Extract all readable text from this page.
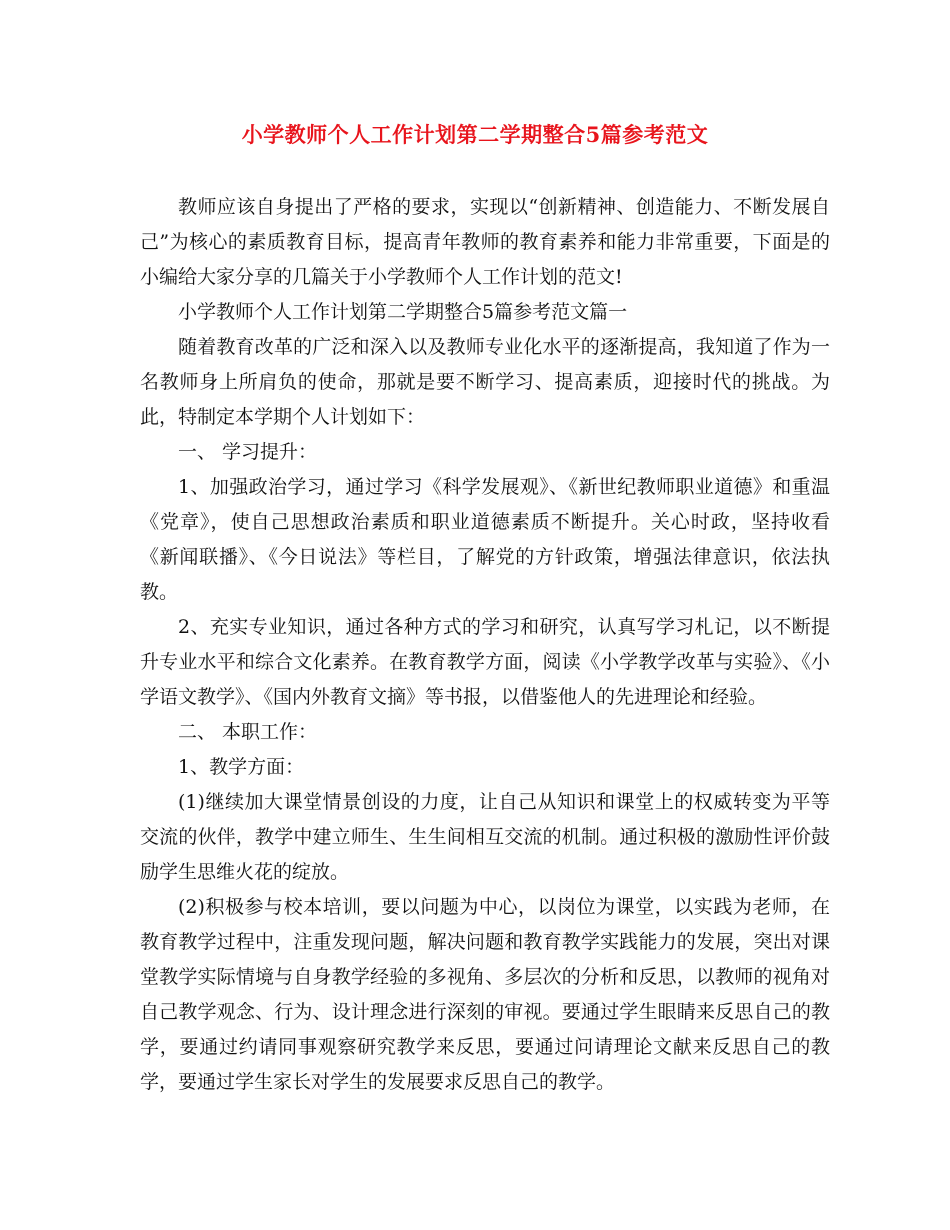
小学教师个人工作计划第二学期整合5篇参考范文

教师应该自身提出了严格的要求，实现以“创新精神、创造能力、不断发展自己”为核心的素质教育目标，提高青年教师的教育素养和能力非常重要，下面是的小编给大家分享的几篇关于小学教师个人工作计划的范文!

小学教师个人工作计划第二学期整合5篇参考范文篇一

随着教育改革的广泛和深入以及教师专业化水平的逐渐提高，我知道了作为一名教师身上所肩负的使命，那就是要不断学习、提高素质，迎接时代的挑战。为此，特制定本学期个人计划如下：

一、 学习提升：

1、加强政治学习，通过学习《科学发展观》、《新世纪教师职业道德》和重温《党章》，使自己思想政治素质和职业道德素质不断提升。关心时政，坚持收看《新闻联播》、《今日说法》等栏目，了解党的方针政策，增强法律意识，依法执教。

2、充实专业知识，通过各种方式的学习和研究，认真写学习札记，以不断提升专业水平和综合文化素养。在教育教学方面，阅读《小学教学改革与实验》、《小学语文教学》、《国内外教育文摘》等书报，以借鉴他人的先进理论和经验。

二、 本职工作：

1、教学方面：

(1)继续加大课堂情景创设的力度，让自己从知识和课堂上的权威转变为平等交流的伙伴，教学中建立师生、生生间相互交流的机制。通过积极的激励性评价鼓励学生思维火花的绽放。

(2)积极参与校本培训，要以问题为中心，以岗位为课堂，以实践为老师，在教育教学过程中，注重发现问题，解决问题和教育教学实践能力的发展，突出对课堂教学实际情境与自身教学经验的多视角、多层次的分析和反思，以教师的视角对自己教学观念、行为、设计理念进行深刻的审视。要通过学生眼睛来反思自己的教学，要通过约请同事观察研究教学来反思，要通过问请理论文献来反思自己的教学，要通过学生家长对学生的发展要求反思自己的教学。
